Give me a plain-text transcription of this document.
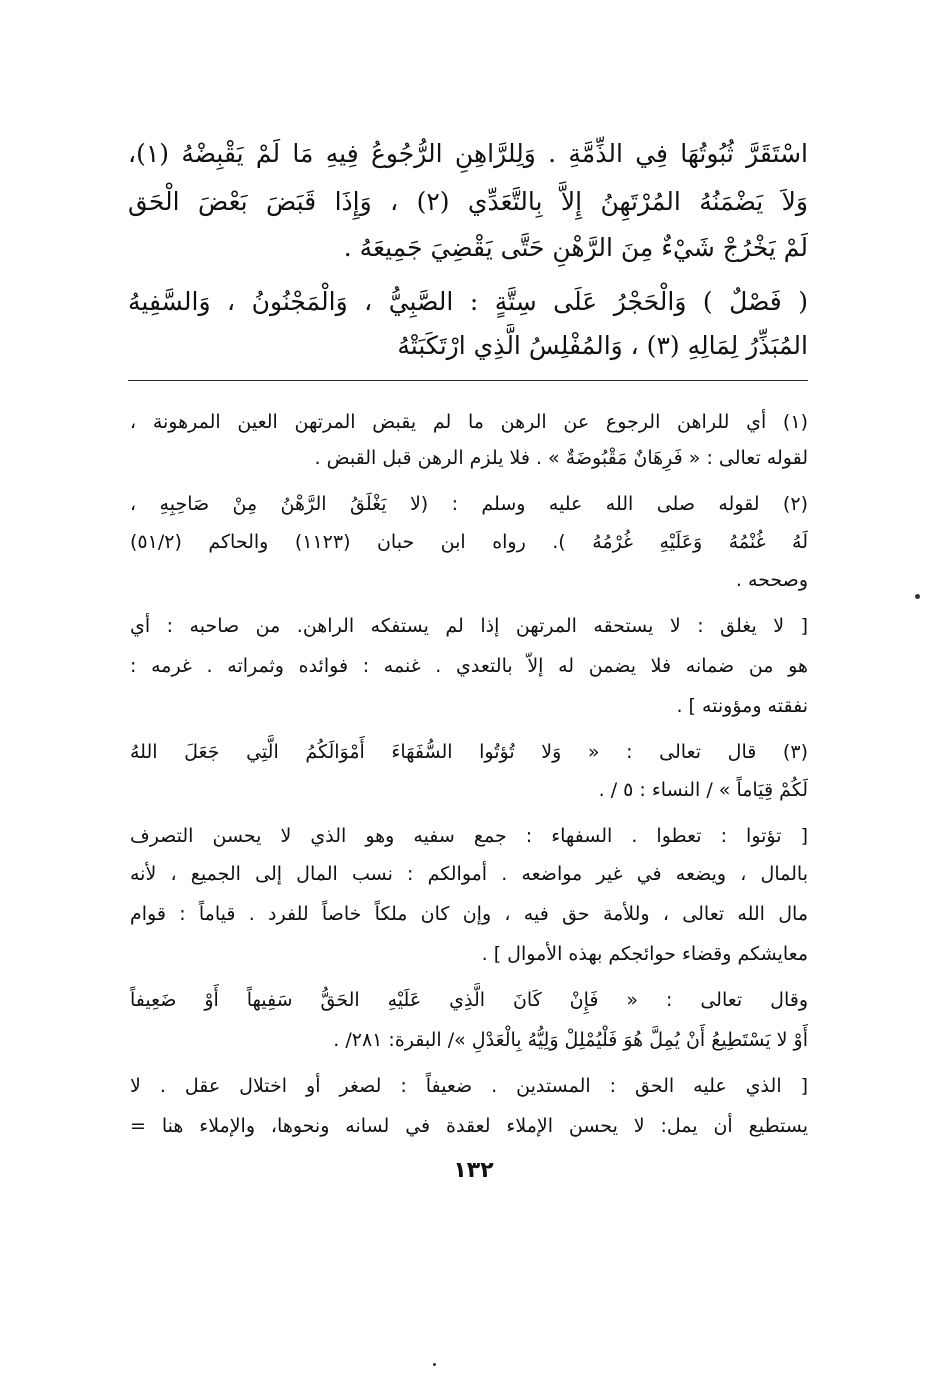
اسْتَقَرَّ ثُبُوتُهَا فِي الذِّمَّةِ . وَلِلرَّاهِنِ الرُّجُوعُ فِيهِ مَا لَمْ يَقْبِضْهُ (١)،
وَلاَ يَضْمَنُهُ المُرْتَهِنُ إِلاَّ بِالتَّعَدِّي (٢) ، وَإِذَا قَبَضَ بَعْضَ الْحَق
لَمْ يَخْرُجْ شَيْءٌ مِنَ الرَّهْنِ حَتَّى يَقْضِيَ جَمِيعَهُ .
( فَصْلٌ ) وَالْحَجْرُ عَلَى سِتَّةٍ : الصَّبِيُّ ، وَالْمَجْنُونُ ، وَالسَّفِيهُ
المُبَذِّرُ لِمَالِهِ (٣) ، وَالمُفْلِسُ الَّذِي ارْتَكَبَتْهُ
(١) أي للراهن الرجوع عن الرهن ما لم يقبض المرتهن العين المرهونة ،
لقوله تعالى : « فَرِهَانٌ مَقْبُوضَةٌ » . فلا يلزم الرهن قبل القبض .
(٢) لقوله صلى الله عليه وسلم : (لا يَغْلَقُ الرَّهْنُ مِنْ صَاحِبِهِ ،
لَهُ غُنْمُهُ وَعَلَيْهِ غُرْمُهُ ). رواه ابن حبان (١١٢٣) والحاكم (٥١/٢)
وصححه .
[ لا يغلق : لا يستحقه المرتهن إذا لم يستفكه الراهن. من صاحبه : أي
هو من ضمانه فلا يضمن له إلاّ بالتعدي . غنمه : فوائده وثمراته . غرمه :
نفقته ومؤونته ] .
(٣) قال تعالى : « وَلا تُؤتُوا السُّفَهَاءَ أَمْوَالَكُمُ الَّتِي جَعَلَ اللهُ
لَكُمْ قِيَاماً » / النساء : ٥ / .
[ تؤتوا : تعطوا . السفهاء : جمع سفيه وهو الذي لا يحسن التصرف
بالمال ، ويضعه في غير مواضعه . أموالكم : نسب المال إلى الجميع ، لأنه
مال الله تعالى ، وللأمة حق فيه ، وإن كان ملكاً خاصاً للفرد . قياماً : قوام
معايشكم وقضاء حوائجكم بهذه الأموال ] .
وقال تعالى : « فَإِنْ كَانَ الَّذِي عَلَيْهِ الحَقُّ سَفِيهاً أَوْ ضَعِيفاً
أَوْ لا يَسْتَطِيعُ أَنْ يُمِلَّ هُوَ فَلْيُمْلِلْ وَلِيُّهُ بِالْعَدْلِ »/ البقرة: ٢٨١/ .
[ الذي عليه الحق : المستدين . ضعيفاً : لصغر أو اختلال عقل . لا
يستطيع أن يمل: لا يحسن الإملاء لعقدة في لسانه ونحوها، والإملاء هنا =
١٣٢
